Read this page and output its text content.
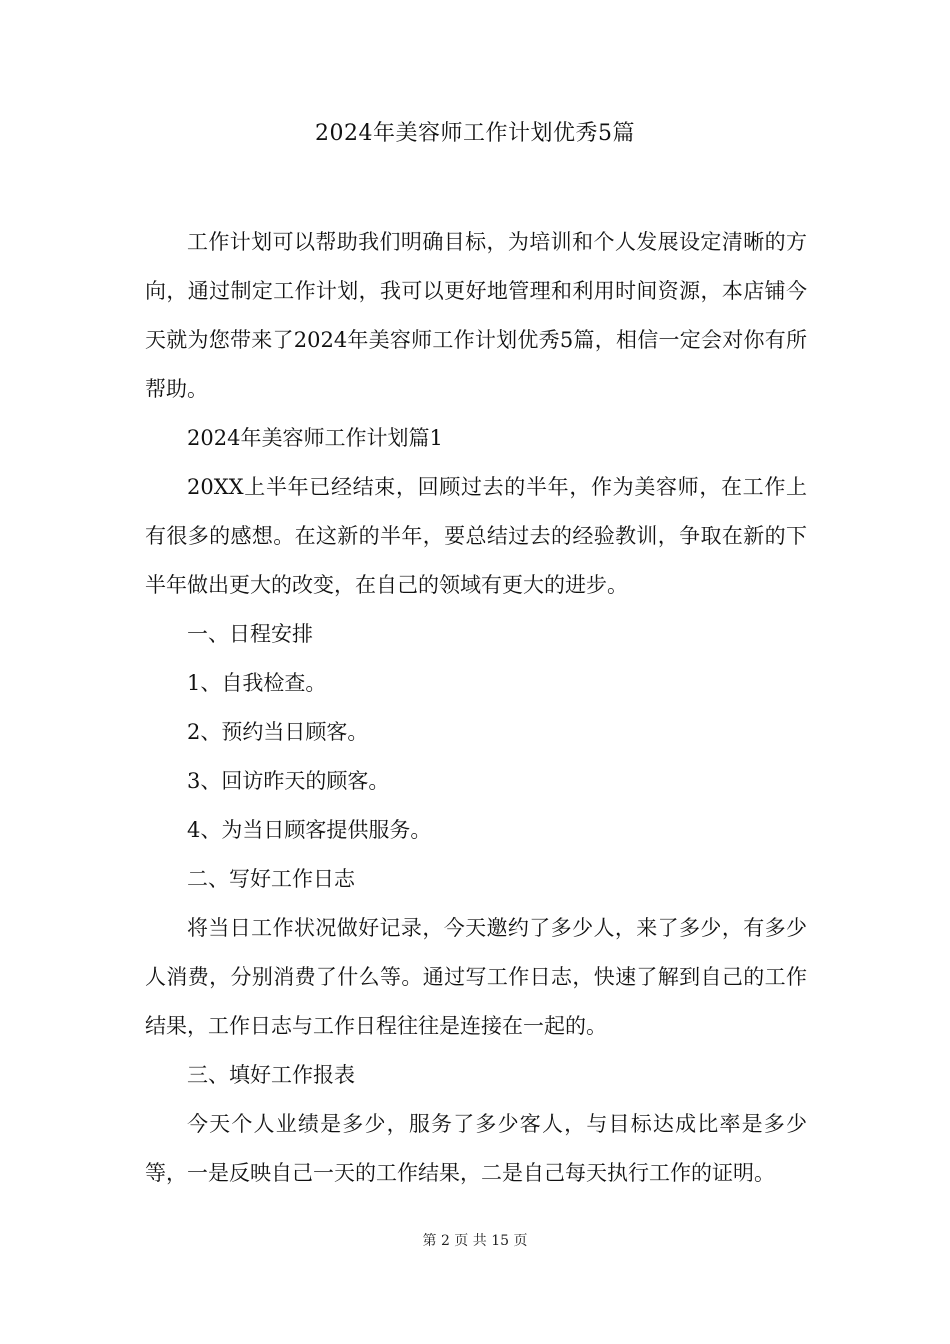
2024年美容师工作计划优秀5篇

工作计划可以帮助我们明确目标，为培训和个人发展设定清晰的方向，通过制定工作计划，我可以更好地管理和利用时间资源，本店铺今天就为您带来了2024年美容师工作计划优秀5篇，相信一定会对你有所帮助。

2024年美容师工作计划篇1

20XX上半年已经结束，回顾过去的半年，作为美容师，在工作上有很多的感想。在这新的半年，要总结过去的经验教训，争取在新的下半年做出更大的改变，在自己的领域有更大的进步。

一、日程安排

1、自我检查。

2、预约当日顾客。

3、回访昨天的顾客。

4、为当日顾客提供服务。

二、写好工作日志

将当日工作状况做好记录，今天邀约了多少人，来了多少，有多少人消费，分别消费了什么等。通过写工作日志，快速了解到自己的工作结果，工作日志与工作日程往往是连接在一起的。

三、填好工作报表

今天个人业绩是多少，服务了多少客人，与目标达成比率是多少等，一是反映自己一天的工作结果，二是自己每天执行工作的证明。

第 2 页 共 15 页
